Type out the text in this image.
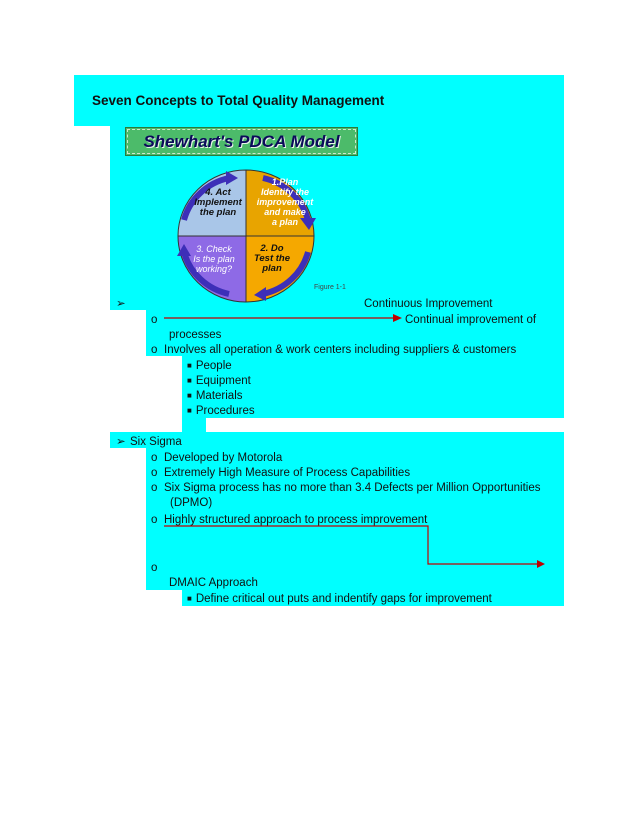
Seven Concepts to Total Quality Management
Shewhart's PDCA Model
1.Plan
Identify the
improvement
and make
a plan
2. Do
Test the
plan
3. Check
Is the plan
working?
4. Act
Implement
the plan
Figure 1-1
➢	Continuous Improvement
o	Continual improvement of
processes
o Involves all operation & work centers including suppliers & customers
■ People
■ Equipment
■ Materials
■ Procedures
➢ Six Sigma
o Developed by Motorola
o Extremely High Measure of Process Capabilities
o Six Sigma process has no more than 3.4 Defects per Million Opportunities
(DPMO)
o Highly structured approach to process improvement
o
DMAIC Approach
■ Define critical out puts and indentify gaps for improvement
